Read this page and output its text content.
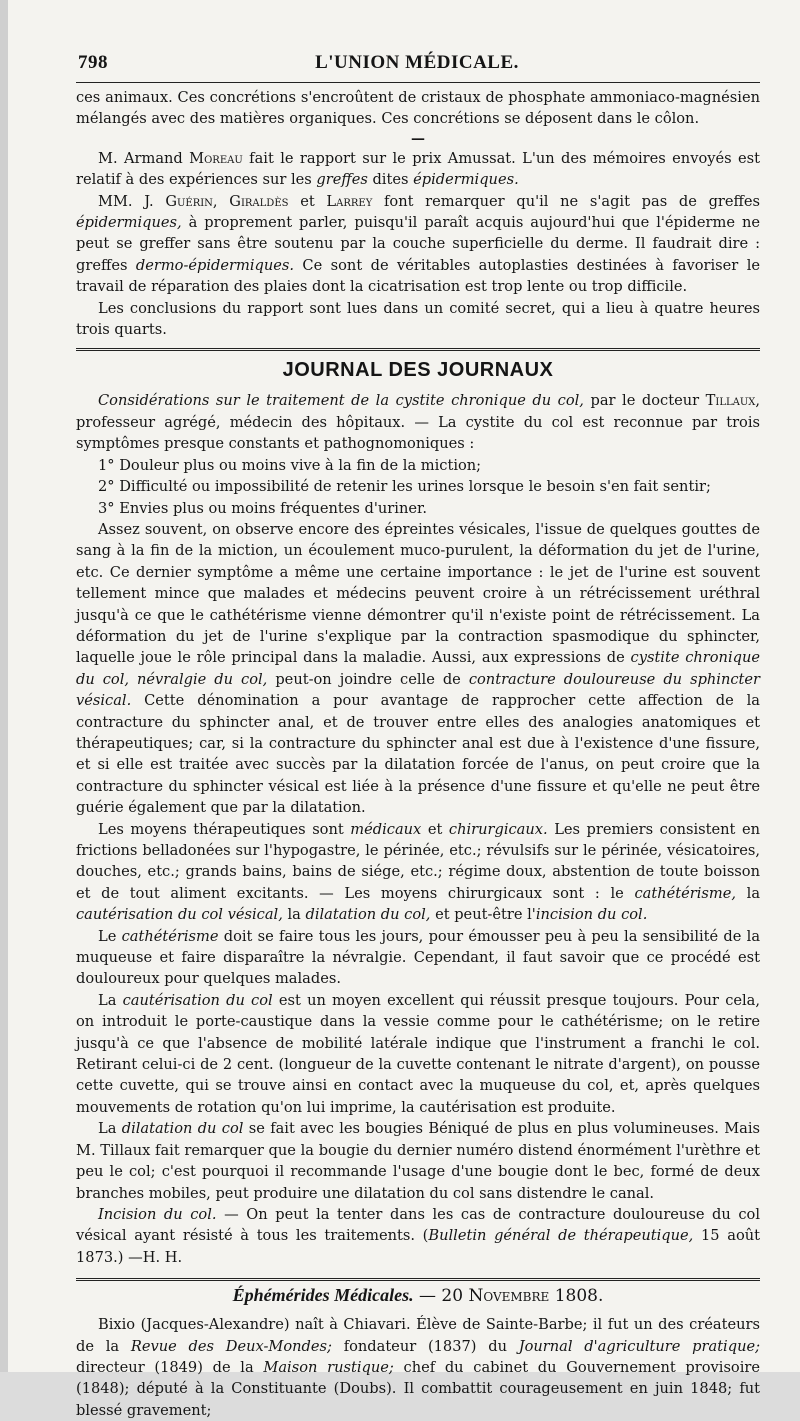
798	L'UNION MÉDICALE.

ces animaux. Ces concrétions s'encroûtent de cristaux de phosphate ammoniaco-magnésien mélangés avec des matières organiques. Ces concrétions se déposent dans le côlon.

—

M. Armand Moreau fait le rapport sur le prix Amussat. L'un des mémoires envoyés est relatif à des expériences sur les greffes dites épidermiques.

MM. J. Guérin, Giraldès et Larrey font remarquer qu'il ne s'agit pas de greffes épidermiques, à proprement parler, puisqu'il paraît acquis aujourd'hui que l'épiderme ne peut se greffer sans être soutenu par la couche superficielle du derme. Il faudrait dire : greffes dermo-épidermiques. Ce sont de véritables autoplasties destinées à favoriser le travail de réparation des plaies dont la cicatrisation est trop lente ou trop difficile.

Les conclusions du rapport sont lues dans un comité secret, qui a lieu à quatre heures trois quarts.

JOURNAL DES JOURNAUX

Considérations sur le traitement de la cystite chronique du col, par le docteur Tillaux, professeur agrégé, médecin des hôpitaux. — La cystite du col est reconnue par trois symptômes presque constants et pathognomoniques :

1° Douleur plus ou moins vive à la fin de la miction;

2° Difficulté ou impossibilité de retenir les urines lorsque le besoin s'en fait sentir;

3° Envies plus ou moins fréquentes d'uriner.

Assez souvent, on observe encore des épreintes vésicales, l'issue de quelques gouttes de sang à la fin de la miction, un écoulement muco-purulent, la déformation du jet de l'urine, etc. Ce dernier symptôme a même une certaine importance : le jet de l'urine est souvent tellement mince que malades et médecins peuvent croire à un rétrécissement uréthral jusqu'à ce que le cathétérisme vienne démontrer qu'il n'existe point de rétrécissement. La déformation du jet de l'urine s'explique par la contraction spasmodique du sphincter, laquelle joue le rôle principal dans la maladie. Aussi, aux expressions de cystite chronique du col, névralgie du col, peut-on joindre celle de contracture douloureuse du sphincter vésical. Cette dénomination a pour avantage de rapprocher cette affection de la contracture du sphincter anal, et de trouver entre elles des analogies anatomiques et thérapeutiques; car, si la contracture du sphincter anal est due à l'existence d'une fissure, et si elle est traitée avec succès par la dilatation forcée de l'anus, on peut croire que la contracture du sphincter vésical est liée à la présence d'une fissure et qu'elle ne peut être guérie également que par la dilatation.

Les moyens thérapeutiques sont médicaux et chirurgicaux. Les premiers consistent en frictions belladonées sur l'hypogastre, le périnée, etc.; révulsifs sur le périnée, vésicatoires, douches, etc.; grands bains, bains de siége, etc.; régime doux, abstention de toute boisson et de tout aliment excitants. — Les moyens chirurgicaux sont : le cathétérisme, la cautérisation du col vésical, la dilatation du col, et peut-être l'incision du col.

Le cathétérisme doit se faire tous les jours, pour émousser peu à peu la sensibilité de la muqueuse et faire disparaître la névralgie. Cependant, il faut savoir que ce procédé est douloureux pour quelques malades.

La cautérisation du col est un moyen excellent qui réussit presque toujours. Pour cela, on introduit le porte-caustique dans la vessie comme pour le cathétérisme; on le retire jusqu'à ce que l'absence de mobilité latérale indique que l'instrument a franchi le col. Retirant celui-ci de 2 cent. (longueur de la cuvette contenant le nitrate d'argent), on pousse cette cuvette, qui se trouve ainsi en contact avec la muqueuse du col, et, après quelques mouvements de rotation qu'on lui imprime, la cautérisation est produite.

La dilatation du col se fait avec les bougies Béniqué de plus en plus volumineuses. Mais M. Tillaux fait remarquer que la bougie du dernier numéro distend énormément l'urèthre et peu le col; c'est pourquoi il recommande l'usage d'une bougie dont le bec, formé de deux branches mobiles, peut produire une dilatation du col sans distendre le canal.

Incision du col. — On peut la tenter dans les cas de contracture douloureuse du col vésical ayant résisté à tous les traitements. (Bulletin général de thérapeutique, 15 août 1873.) —H. H.

Éphémérides Médicales. — 20 Novembre 1808.

Bixio (Jacques-Alexandre) naît à Chiavari. Élève de Sainte-Barbe; il fut un des créateurs de la Revue des Deux-Mondes; fondateur (1837) du Journal d'agriculture pratique; directeur (1849) de la Maison rustique; chef du cabinet du Gouvernement provisoire (1848); député à la Constituante (Doubs). Il combattit courageusement en juin 1848; fut blessé gravement;
